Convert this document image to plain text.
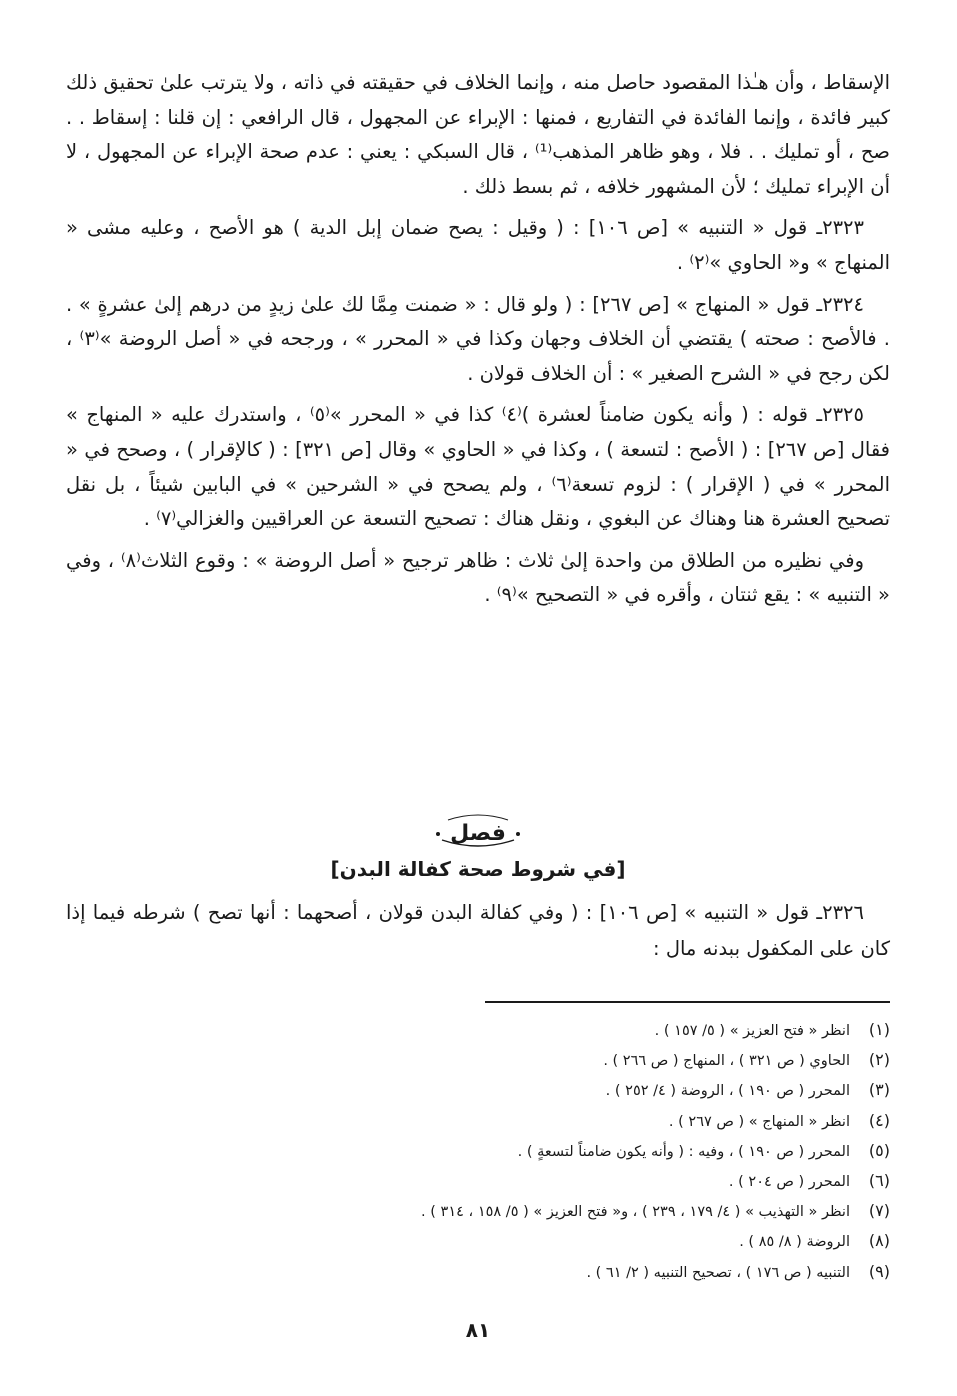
الإسقاط ، وأن هـٰذا المقصود حاصل منه ، وإنما الخلاف في حقيقته في ذاته ، ولا يترتب علىٰ تحقيق ذلك كبير فائدة ، وإنما الفائدة في التفاريع ، فمنها : الإبراء عن المجهول ، قال الرافعي : إن قلنا : إسقاط . . صح ، أو تمليك . . فلا ، وهو ظاهر المذهب⁽¹⁾ ، قال السبكي : يعني : عدم صحة الإبراء عن المجهول ، لا أن الإبراء تمليك ؛ لأن المشهور خلافه ، ثم بسط ذلك .

٢٣٢٣ـ قول « التنبيه » [ص ١٠٦] : ( وقيل : يصح ضمان إبل الدية ) هو الأصح ، وعليه مشى « المنهاج » و« الحاوي »⁽٢⁾ .

٢٣٢٤ـ قول « المنهاج » [ص ٢٦٧] : ( ولو قال : « ضمنت مِمَّا لك علىٰ زيدٍ من درهم إلىٰ عشرةٍ » . . فالأصح : صحته ) يقتضي أن الخلاف وجهان وكذا في « المحرر » ، ورجحه في « أصل الروضة »⁽٣⁾ ، لكن رجح في « الشرح الصغير » : أن الخلاف قولان .

٢٣٢٥ـ قوله : ( وأنه يكون ضامناً لعشرة )⁽٤⁾ كذا في « المحرر »⁽٥⁾ ، واستدرك عليه « المنهاج » فقال [ص ٢٦٧] : ( الأصح : لتسعة ) ، وكذا في « الحاوي » وقال [ص ٣٢١] : ( كالإقرار ) ، وصحح في « المحرر » في ( الإقرار ) : لزوم تسعة⁽٦⁾ ، ولم يصحح في « الشرحين » في البابين شيئاً ، بل نقل تصحيح العشرة هنا وهناك عن البغوي ، ونقل هناك : تصحيح التسعة عن العراقيين والغزالي⁽٧⁾ .

وفي نظيره من الطلاق من واحدة إلىٰ ثلاث : ظاهر ترجيح « أصل الروضة » : وقوع الثلاث⁽٨⁾ ، وفي « التنبيه » : يقع ثنتان ، وأقره في « التصحيح »⁽٩⁾ .

فصل
[في شروط صحة كفالة البدن]

٢٣٢٦ـ قول « التنبيه » [ص ١٠٦] : ( وفي كفالة البدن قولان ، أصحهما : أنها تصح ) شرطه فيما إذا كان على المكفول ببدنه مال :

(١)انظر « فتح العزيز » ( ٥/ ١٥٧ ) .
(٢)الحاوي ( ص ٣٢١ ) ، المنهاج ( ص ٢٦٦ ) .
(٣)المحرر ( ص ١٩٠ ) ، الروضة ( ٤/ ٢٥٢ ) .
(٤)انظر « المنهاج » ( ص ٢٦٧ ) .
(٥)المحرر ( ص ١٩٠ ) ، وفيه : ( وأنه يكون ضامناً لتسعةٍ ) .
(٦)المحرر ( ص ٢٠٤ ) .
(٧)انظر « التهذيب » ( ٤/ ١٧٩ ، ٢٣٩ ) ، و« فتح العزيز » ( ٥/ ١٥٨ ، ٣١٤ ) .
(٨)الروضة ( ٨/ ٨٥ ) .
(٩)التنبيه ( ص ١٧٦ ) ، تصحيح التنبيه ( ٢/ ٦١ ) .
٨١
